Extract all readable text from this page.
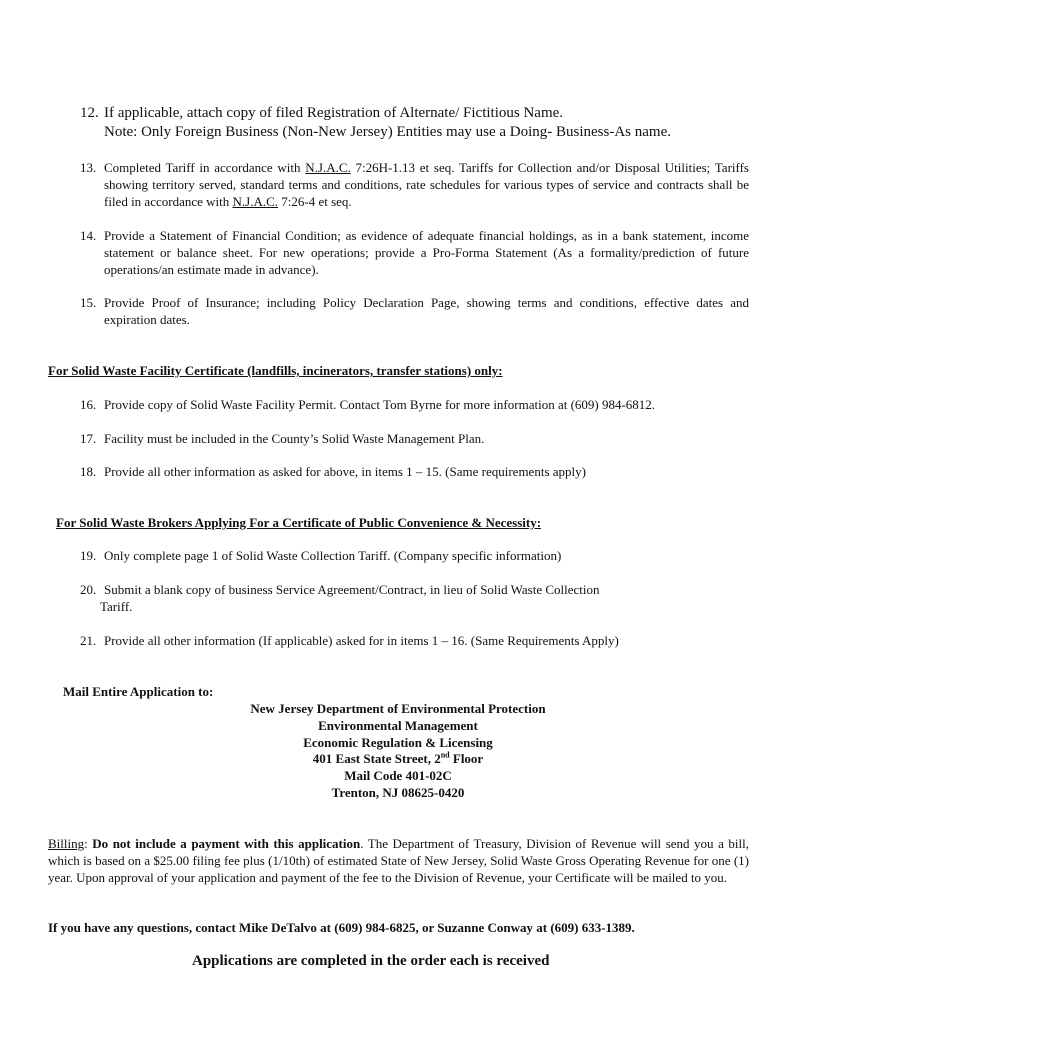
12. If applicable, attach copy of filed Registration of Alternate/ Fictitious Name.
Note: Only Foreign Business (Non-New Jersey) Entities may use a Doing- Business-As name.
13. Completed Tariff in accordance with N.J.A.C. 7:26H-1.13 et seq. Tariffs for Collection and/or Disposal Utilities; Tariffs showing territory served, standard terms and conditions, rate schedules for various types of service and contracts shall be filed in accordance with N.J.A.C. 7:26-4 et seq.
14. Provide a Statement of Financial Condition; as evidence of adequate financial holdings, as in a bank statement, income statement or balance sheet. For new operations; provide a Pro-Forma Statement (As a formality/prediction of future operations/an estimate made in advance).
15. Provide Proof of Insurance; including Policy Declaration Page, showing terms and conditions, effective dates and expiration dates.
For Solid Waste Facility Certificate (landfills, incinerators, transfer stations) only:
16. Provide copy of Solid Waste Facility Permit. Contact Tom Byrne for more information at (609) 984-6812.
17. Facility must be included in the County’s Solid Waste Management Plan.
18. Provide all other information as asked for above, in items 1 – 15. (Same requirements apply)
For Solid Waste Brokers Applying For a Certificate of Public Convenience & Necessity:
19. Only complete page 1 of Solid Waste Collection Tariff. (Company specific information)
20. Submit a blank copy of business Service Agreement/Contract, in lieu of Solid Waste Collection
Tariff.
21. Provide all other information (If applicable) asked for in items 1 – 16. (Same Requirements Apply)
Mail Entire Application to:
New Jersey Department of Environmental Protection
Environmental Management
Economic Regulation & Licensing
401 East State Street, 2nd Floor
Mail Code 401-02C
Trenton, NJ 08625-0420
Billing: Do not include a payment with this application. The Department of Treasury, Division of Revenue will send you a bill, which is based on a $25.00 filing fee plus (1/10th) of estimated State of New Jersey, Solid Waste Gross Operating Revenue for one (1) year. Upon approval of your application and payment of the fee to the Division of Revenue, your Certificate will be mailed to you.
If you have any questions, contact Mike DeTalvo at (609) 984-6825, or Suzanne Conway at (609) 633-1389.
Applications are completed in the order each is received
